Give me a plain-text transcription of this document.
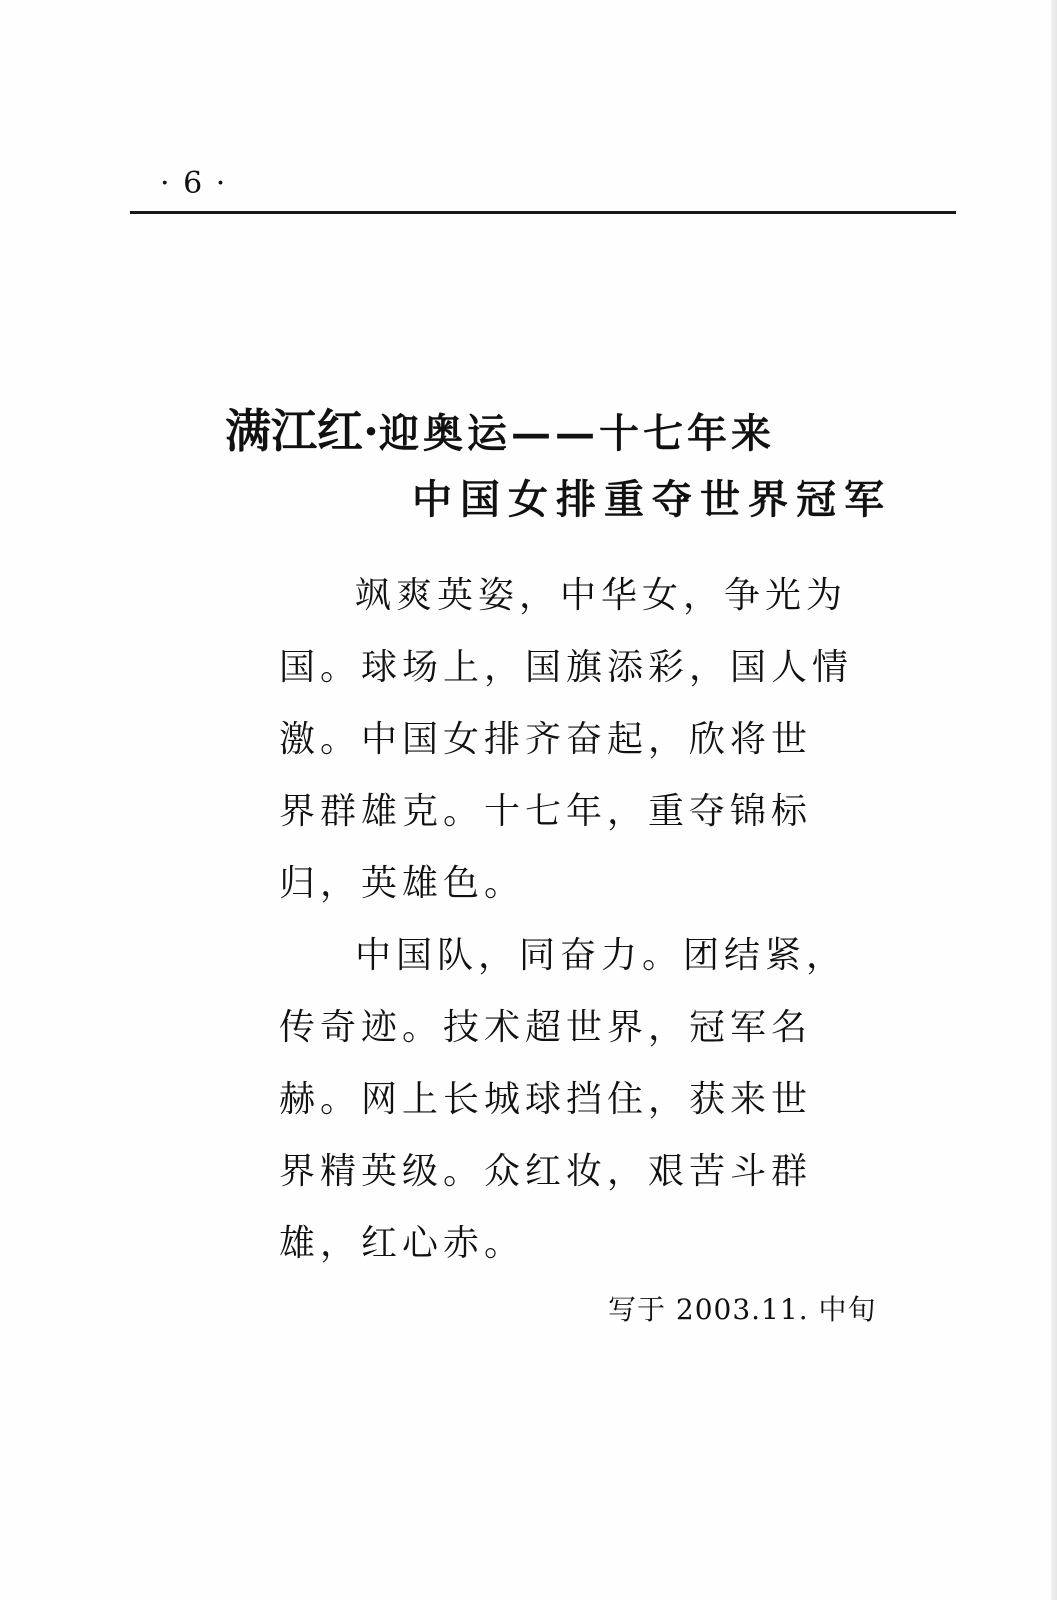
· 6 ·
满江红·迎奥运——十七年来
中国女排重夺世界冠军
飒爽英姿，中华女，争光为
国。球场上，国旗添彩，国人情
激。中国女排齐奋起，欣将世
界群雄克。十七年，重夺锦标
归，英雄色。
中国队，同奋力。团结紧，
传奇迹。技术超世界，冠军名
赫。网上长城球挡住，获来世
界精英级。众红妆，艰苦斗群
雄，红心赤。
写于 2003.11. 中旬
